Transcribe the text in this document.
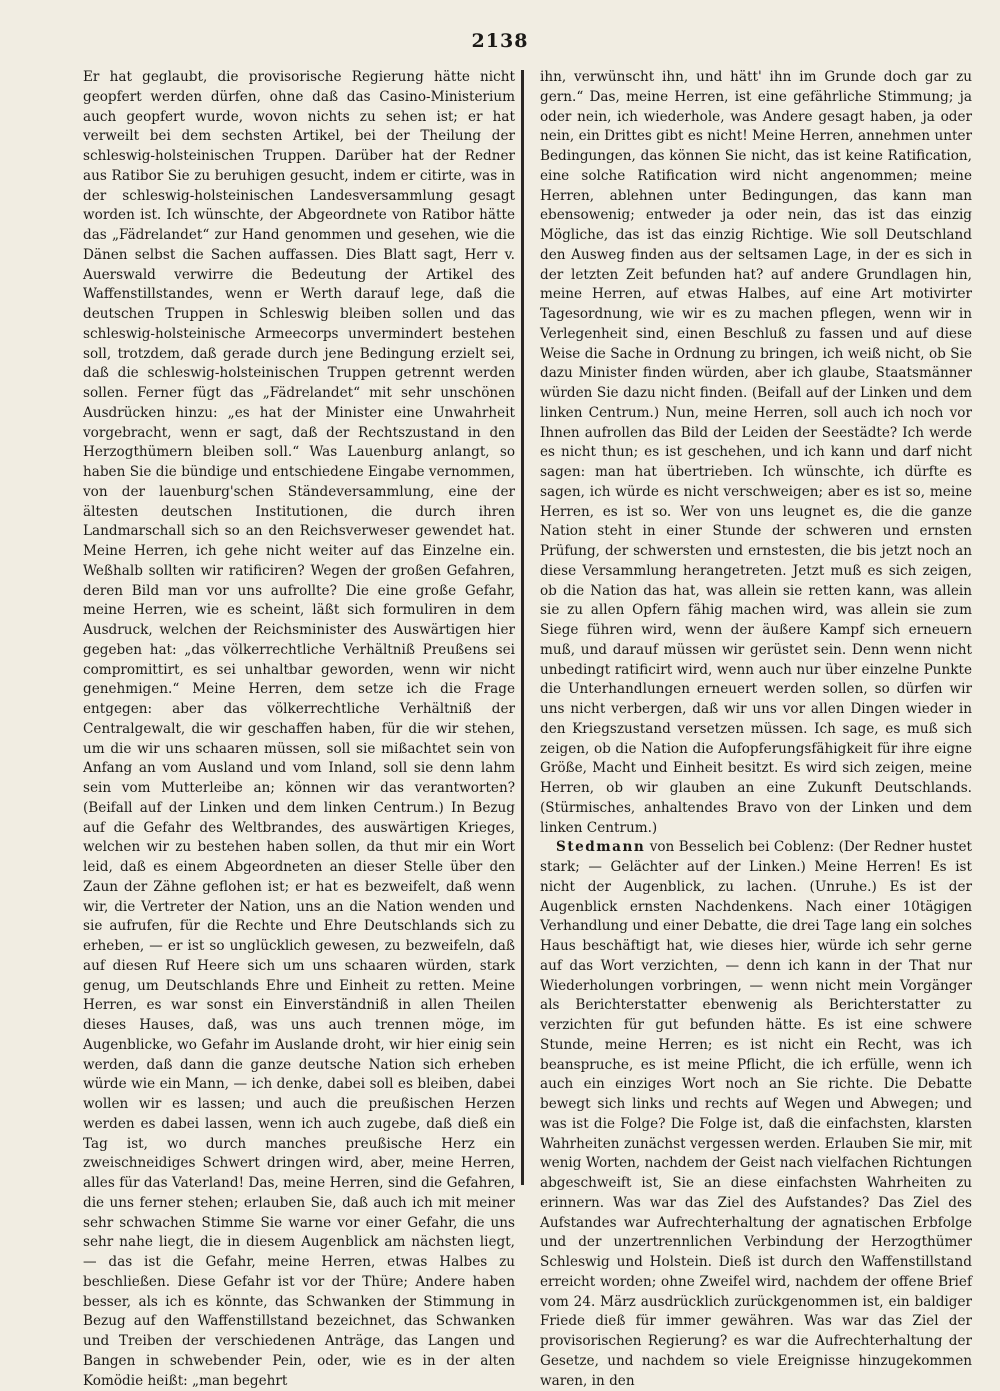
2138

Er hat geglaubt, die provisorische Regierung hätte nicht geopfert werden dürfen, ohne daß das Casino-Ministerium auch geopfert wurde, wovon nichts zu sehen ist; er hat verweilt bei dem sechsten Artikel, bei der Theilung der schleswig-holsteinischen Truppen. Darüber hat der Redner aus Ratibor Sie zu beruhigen gesucht, indem er citirte, was in der schleswig-holsteinischen Landesversammlung gesagt worden ist. Ich wünschte, der Abgeordnete von Ratibor hätte das „Fädrelandet“ zur Hand genommen und gesehen, wie die Dänen selbst die Sachen auffassen. Dies Blatt sagt, Herr v. Auerswald verwirre die Bedeutung der Artikel des Waffenstillstandes, wenn er Werth darauf lege, daß die deutschen Truppen in Schleswig bleiben sollen und das schleswig-holsteinische Armeecorps unvermindert bestehen soll, trotzdem, daß gerade durch jene Bedingung erzielt sei, daß die schleswig-holsteinischen Truppen getrennt werden sollen. Ferner fügt das „Fädrelandet“ mit sehr unschönen Ausdrücken hinzu: „es hat der Minister eine Unwahrheit vorgebracht, wenn er sagt, daß der Rechtszustand in den Herzogthümern bleiben soll.“ Was Lauenburg anlangt, so haben Sie die bündige und entschiedene Eingabe vernommen, von der lauenburg'schen Ständeversammlung, eine der ältesten deutschen Institutionen, die durch ihren Landmarschall sich so an den Reichsverweser gewendet hat. Meine Herren, ich gehe nicht weiter auf das Einzelne ein. Weßhalb sollten wir ratificiren? Wegen der großen Gefahren, deren Bild man vor uns aufrollte? Die eine große Gefahr, meine Herren, wie es scheint, läßt sich formuliren in dem Ausdruck, welchen der Reichsminister des Auswärtigen hier gegeben hat: „das völkerrechtliche Verhältniß Preußens sei compromittirt, es sei unhaltbar geworden, wenn wir nicht genehmigen.“ Meine Herren, dem setze ich die Frage entgegen: aber das völkerrechtliche Verhältniß der Centralgewalt, die wir geschaffen haben, für die wir stehen, um die wir uns schaaren müssen, soll sie mißachtet sein von Anfang an vom Ausland und vom Inland, soll sie denn lahm sein vom Mutterleibe an; können wir das verantworten? (Beifall auf der Linken und dem linken Centrum.) In Bezug auf die Gefahr des Weltbrandes, des auswärtigen Krieges, welchen wir zu bestehen haben sollen, da thut mir ein Wort leid, daß es einem Abgeordneten an dieser Stelle über den Zaun der Zähne geflohen ist; er hat es bezweifelt, daß wenn wir, die Vertreter der Nation, uns an die Nation wenden und sie aufrufen, für die Rechte und Ehre Deutschlands sich zu erheben, — er ist so unglücklich gewesen, zu bezweifeln, daß auf diesen Ruf Heere sich um uns schaaren würden, stark genug, um Deutschlands Ehre und Einheit zu retten. Meine Herren, es war sonst ein Einverständniß in allen Theilen dieses Hauses, daß, was uns auch trennen möge, im Augenblicke, wo Gefahr im Auslande droht, wir hier einig sein werden, daß dann die ganze deutsche Nation sich erheben würde wie ein Mann, — ich denke, dabei soll es bleiben, dabei wollen wir es lassen; und auch die preußischen Herzen werden es dabei lassen, wenn ich auch zugebe, daß dieß ein Tag ist, wo durch manches preußische Herz ein zweischneidiges Schwert dringen wird, aber, meine Herren, alles für das Vaterland! Das, meine Herren, sind die Gefahren, die uns ferner stehen; erlauben Sie, daß auch ich mit meiner sehr schwachen Stimme Sie warne vor einer Gefahr, die uns sehr nahe liegt, die in diesem Augenblick am nächsten liegt, — das ist die Gefahr, meine Herren, etwas Halbes zu beschließen. Diese Gefahr ist vor der Thüre; Andere haben besser, als ich es könnte, das Schwanken der Stimmung in Bezug auf den Waffenstillstand bezeichnet, das Schwanken und Treiben der verschiedenen Anträge, das Langen und Bangen in schwebender Pein, oder, wie es in der alten Komödie heißt: „man begehrt

ihn, verwünscht ihn, und hätt' ihn im Grunde doch gar zu gern.“ Das, meine Herren, ist eine gefährliche Stimmung; ja oder nein, ich wiederhole, was Andere gesagt haben, ja oder nein, ein Drittes gibt es nicht! Meine Herren, annehmen unter Bedingungen, das können Sie nicht, das ist keine Ratification, eine solche Ratification wird nicht angenommen; meine Herren, ablehnen unter Bedingungen, das kann man ebensowenig; entweder ja oder nein, das ist das einzig Mögliche, das ist das einzig Richtige. Wie soll Deutschland den Ausweg finden aus der seltsamen Lage, in der es sich in der letzten Zeit befunden hat? auf andere Grundlagen hin, meine Herren, auf etwas Halbes, auf eine Art motivirter Tagesordnung, wie wir es zu machen pflegen, wenn wir in Verlegenheit sind, einen Beschluß zu fassen und auf diese Weise die Sache in Ordnung zu bringen, ich weiß nicht, ob Sie dazu Minister finden würden, aber ich glaube, Staatsmänner würden Sie dazu nicht finden. (Beifall auf der Linken und dem linken Centrum.) Nun, meine Herren, soll auch ich noch vor Ihnen aufrollen das Bild der Leiden der Seestädte? Ich werde es nicht thun; es ist geschehen, und ich kann und darf nicht sagen: man hat übertrieben. Ich wünschte, ich dürfte es sagen, ich würde es nicht verschweigen; aber es ist so, meine Herren, es ist so. Wer von uns leugnet es, die die ganze Nation steht in einer Stunde der schweren und ernsten Prüfung, der schwersten und ernstesten, die bis jetzt noch an diese Versammlung herangetreten. Jetzt muß es sich zeigen, ob die Nation das hat, was allein sie retten kann, was allein sie zu allen Opfern fähig machen wird, was allein sie zum Siege führen wird, wenn der äußere Kampf sich erneuern muß, und darauf müssen wir gerüstet sein. Denn wenn nicht unbedingt ratificirt wird, wenn auch nur über einzelne Punkte die Unterhandlungen erneuert werden sollen, so dürfen wir uns nicht verbergen, daß wir uns vor allen Dingen wieder in den Kriegszustand versetzen müssen. Ich sage, es muß sich zeigen, ob die Nation die Aufopferungsfähigkeit für ihre eigne Größe, Macht und Einheit besitzt. Es wird sich zeigen, meine Herren, ob wir glauben an eine Zukunft Deutschlands. (Stürmisches, anhaltendes Bravo von der Linken und dem linken Centrum.)

Stedmann von Besselich bei Coblenz: (Der Redner hustet stark; — Gelächter auf der Linken.) Meine Herren! Es ist nicht der Augenblick, zu lachen. (Unruhe.) Es ist der Augenblick ernsten Nachdenkens. Nach einer 10tägigen Verhandlung und einer Debatte, die drei Tage lang ein solches Haus beschäftigt hat, wie dieses hier, würde ich sehr gerne auf das Wort verzichten, — denn ich kann in der That nur Wiederholungen vorbringen, — wenn nicht mein Vorgänger als Berichterstatter ebenwenig als Berichterstatter zu verzichten für gut befunden hätte. Es ist eine schwere Stunde, meine Herren; es ist nicht ein Recht, was ich beanspruche, es ist meine Pflicht, die ich erfülle, wenn ich auch ein einziges Wort noch an Sie richte. Die Debatte bewegt sich links und rechts auf Wegen und Abwegen; und was ist die Folge? Die Folge ist, daß die einfachsten, klarsten Wahrheiten zunächst vergessen werden. Erlauben Sie mir, mit wenig Worten, nachdem der Geist nach vielfachen Richtungen abgeschweift ist, Sie an diese einfachsten Wahrheiten zu erinnern. Was war das Ziel des Aufstandes? Das Ziel des Aufstandes war Aufrechterhaltung der agnatischen Erbfolge und der unzertrennlichen Verbindung der Herzogthümer Schleswig und Holstein. Dieß ist durch den Waffenstillstand erreicht worden; ohne Zweifel wird, nachdem der offene Brief vom 24. März ausdrücklich zurückgenommen ist, ein baldiger Friede dieß für immer gewähren. Was war das Ziel der provisorischen Regierung? es war die Aufrechterhaltung der Gesetze, und nachdem so viele Ereignisse hinzugekommen waren, in den
